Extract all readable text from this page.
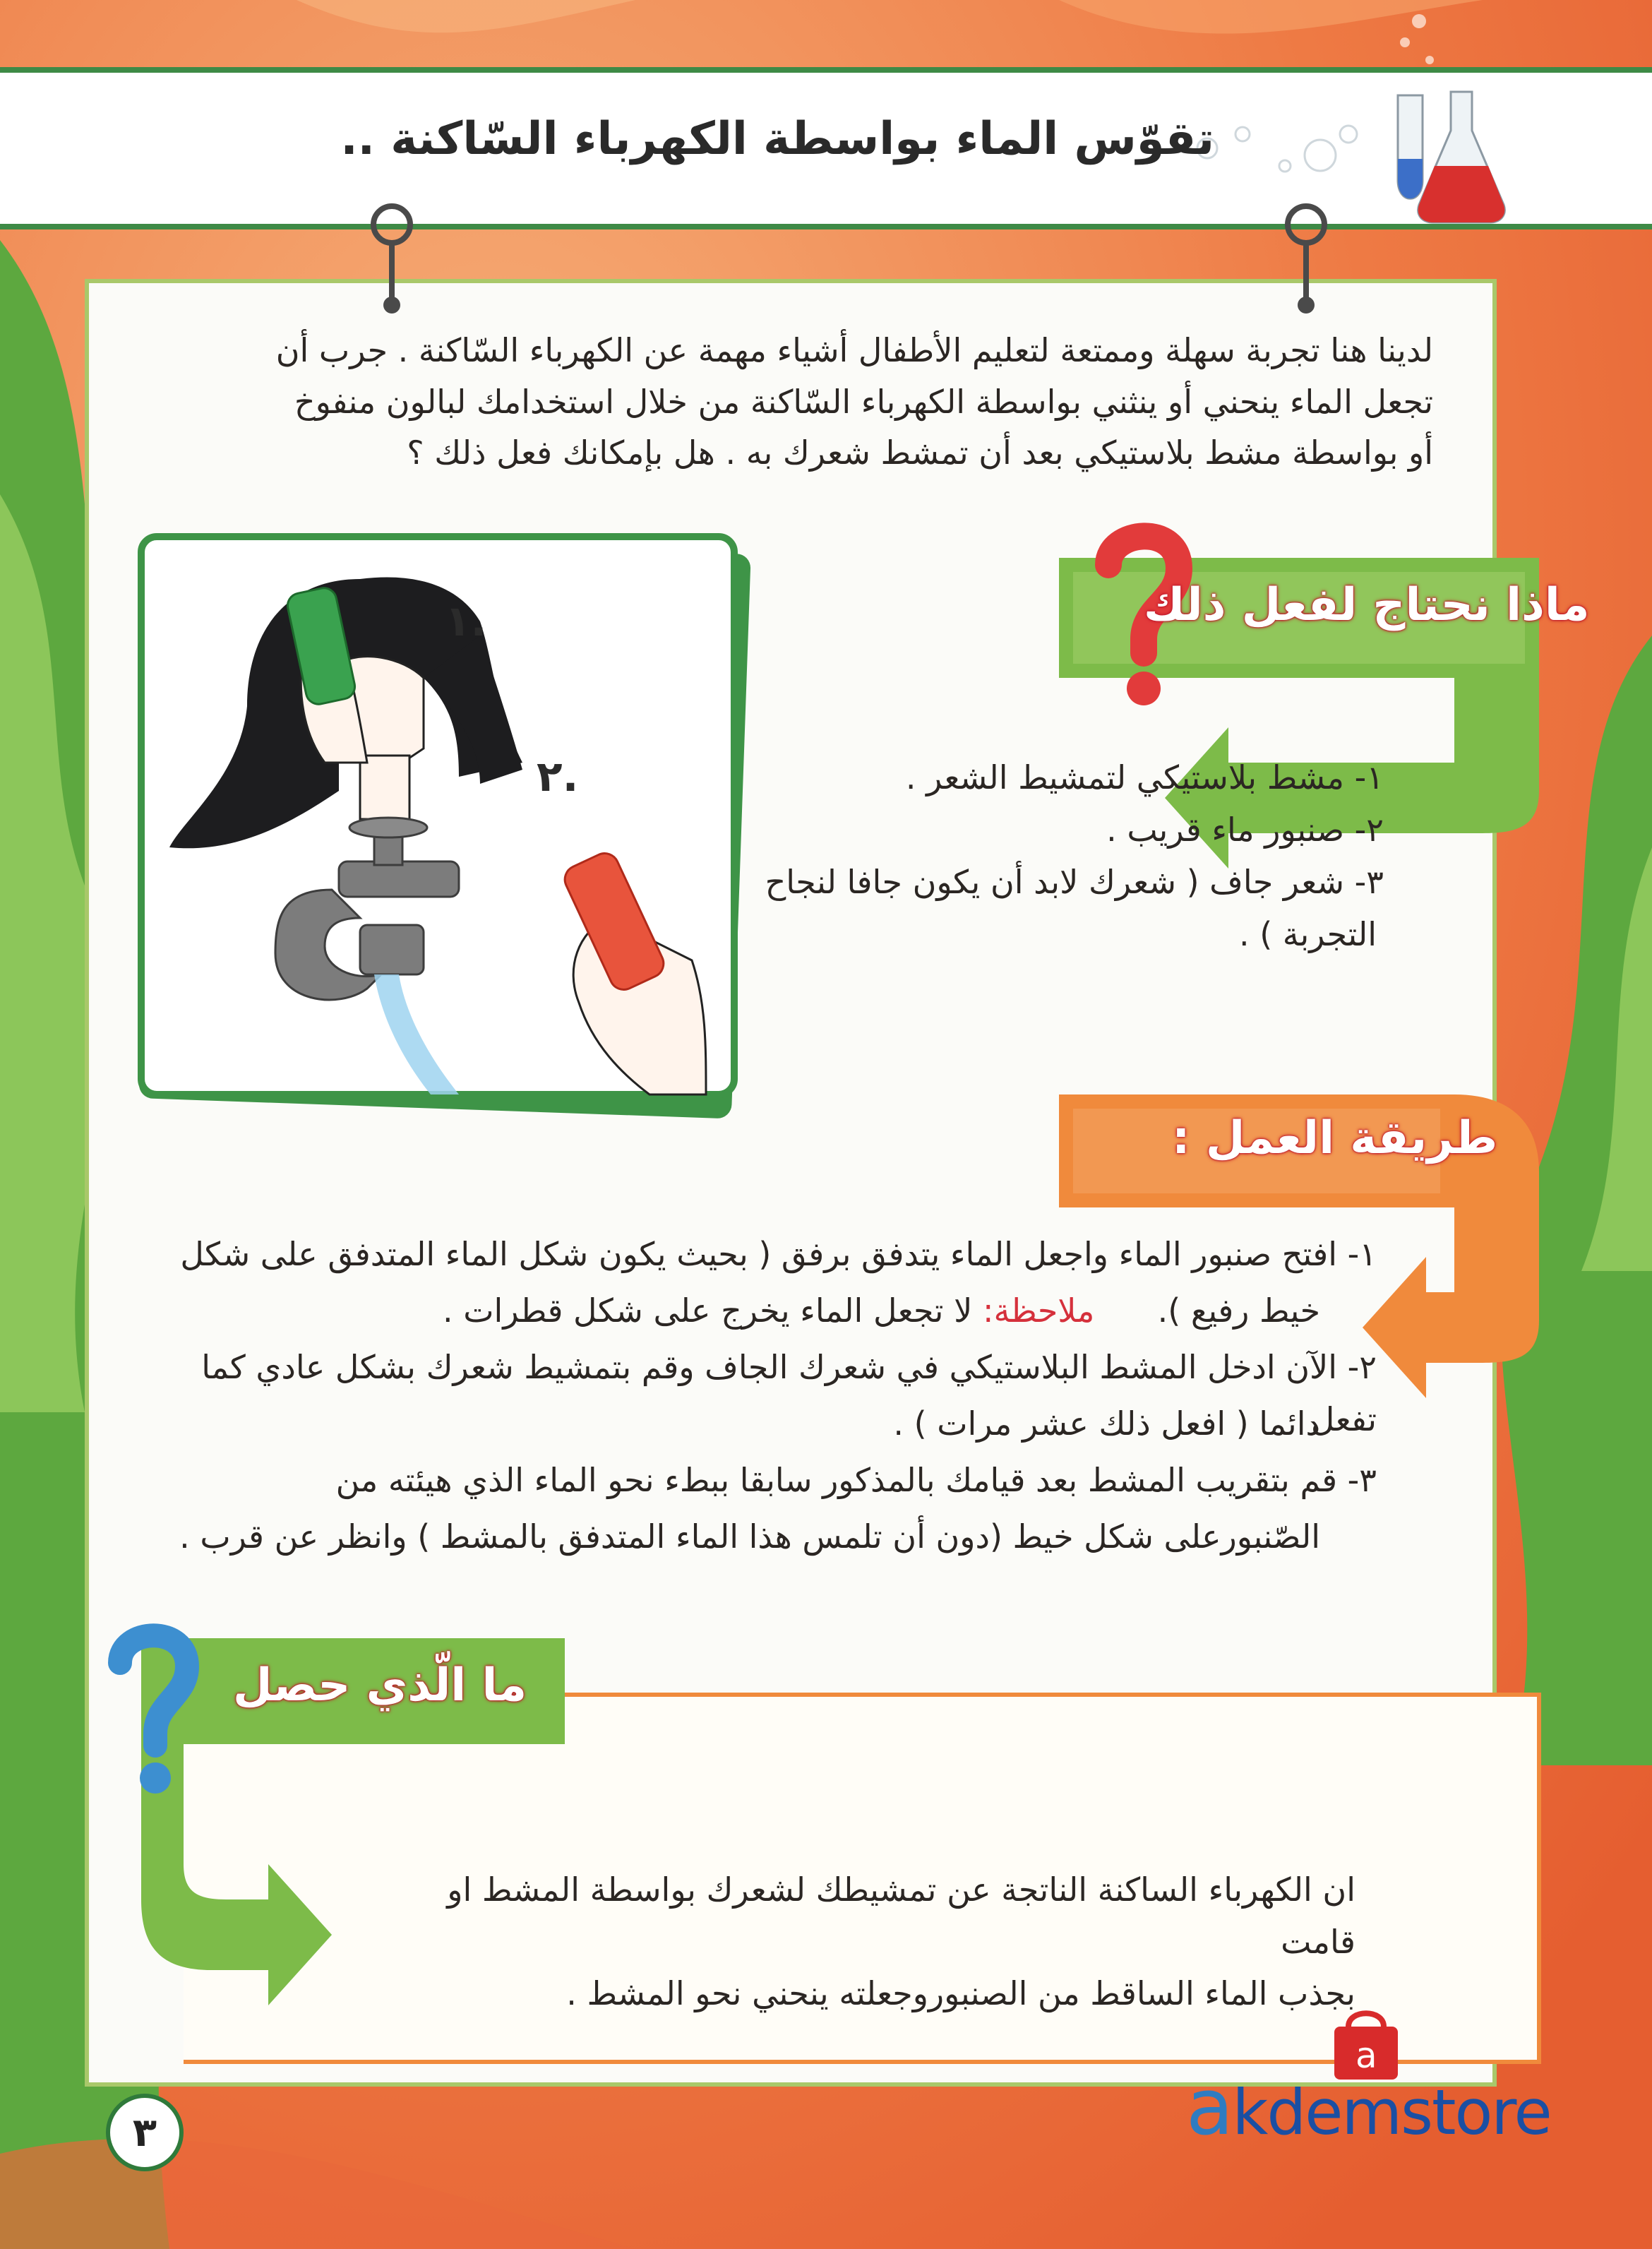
تقوّس الماء بواسطة الكهرباء السّاكنة ..
لدينا هنا تجربة سهلة وممتعة لتعليم الأطفال أشياء مهمة عن الكهرباء السّاكنة . جرب أن
تجعل الماء ينحني أو ينثني بواسطة الكهرباء السّاكنة من خلال استخدامك لبالون منفوخ
أو بواسطة مشط بلاستيكي بعد أن تمشط شعرك به . هل بإمكانك فعل ذلك ؟
١.
٢.
ماذا نحتاج لفعل ذلك
١- مشط بلاستيكي لتمشيط الشعر .
٢- صنبور ماء قريب .
٣- شعر جاف ( شعرك لابد أن يكون جافا لنجاح
التجربة ) .
طريقة العمل :
١- افتح صنبور الماء واجعل الماء يتدفق برفق ( بحيث يكون شكل الماء المتدفق على شكل
خيط رفيع ).  ملاحظة: لا تجعل الماء يخرج على شكل قطرات .
٢- الآن ادخل المشط البلاستيكي في شعرك الجاف وقم بتمشيط شعرك بشكل عادي كما تفعل
دائما ( افعل ذلك عشر مرات ) .
٣- قم بتقريب المشط بعد قيامك بالمذكور سابقا ببطء نحو الماء الذي هيئته من
الصّنبورعلى شكل خيط (دون أن تلمس هذا الماء المتدفق بالمشط ) وانظر عن قرب .
ما الّذي حصل
ان الكهرباء الساكنة الناتجة عن تمشيطك لشعرك بواسطة المشط او قامت
بجذب الماء الساقط من الصنبوروجعلته ينحني نحو المشط .
٣
a
akdemstore
